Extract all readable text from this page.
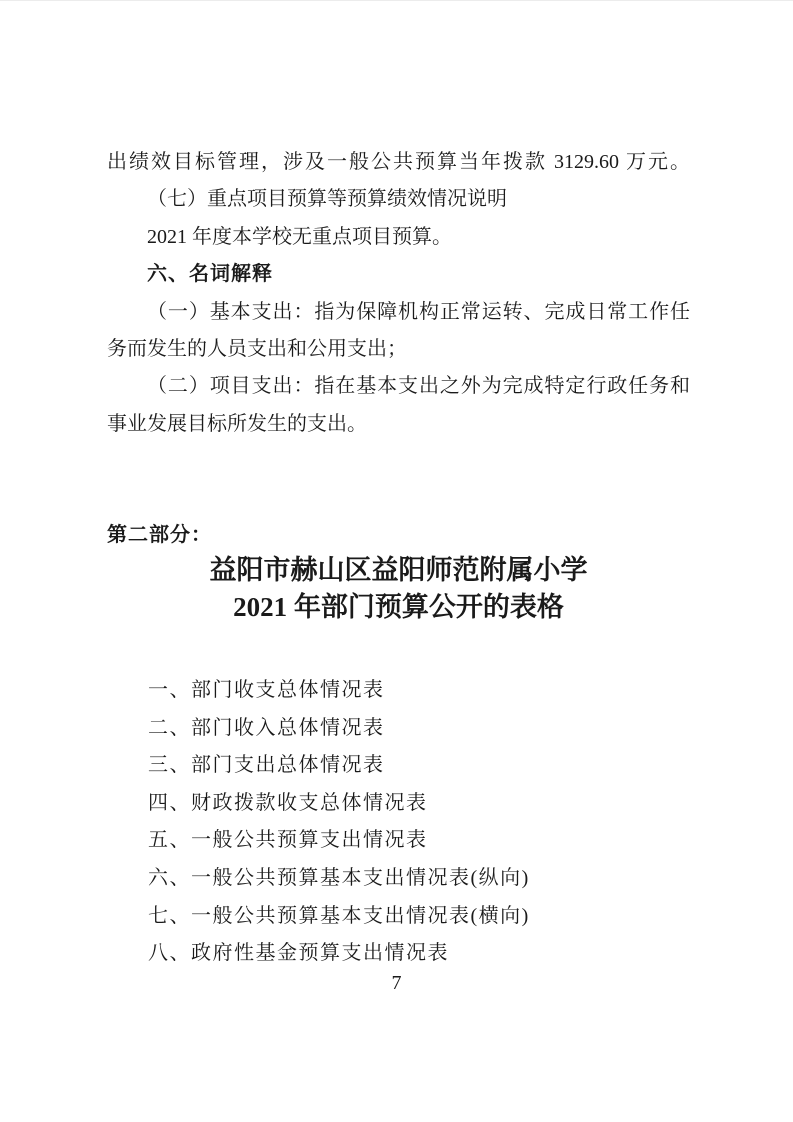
出绩效目标管理，涉及一般公共预算当年拨款 3129.60 万元。
（七）重点项目预算等预算绩效情况说明
2021 年度本学校无重点项目预算。
六、名词解释
（一）基本支出：指为保障机构正常运转、完成日常工作任
务而发生的人员支出和公用支出；
（二）项目支出：指在基本支出之外为完成特定行政任务和
事业发展目标所发生的支出。
第二部分：
益阳市赫山区益阳师范附属小学
2021 年部门预算公开的表格
一、部门收支总体情况表
二、部门收入总体情况表
三、部门支出总体情况表
四、财政拨款收支总体情况表
五、一般公共预算支出情况表
六、一般公共预算基本支出情况表(纵向)
七、一般公共预算基本支出情况表(横向)
八、政府性基金预算支出情况表
7
